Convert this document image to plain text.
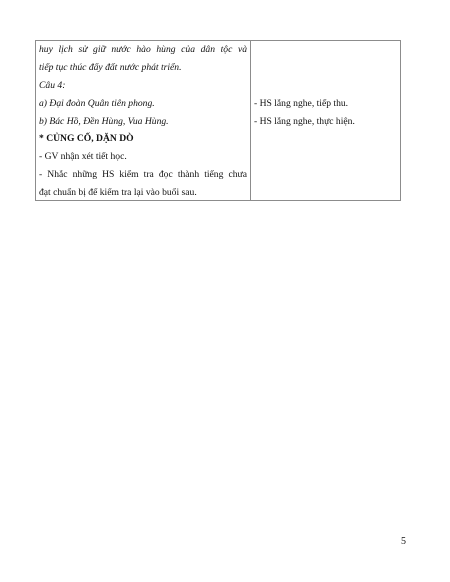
huy lịch sử giữ nước hào hùng của dân tộc và
tiếp tục thúc đẩy đất nước phát triển.
Câu 4:
a) Đại đoàn Quân tiên phong.
b) Bác Hồ, Đền Hùng, Vua Hùng.
* CỦNG CỐ, DẶN DÒ
- GV nhận xét tiết học.
- Nhắc những HS kiểm tra đọc thành tiếng chưa
đạt chuẩn bị để kiểm tra lại vào buổi sau.
- HS lắng nghe, tiếp thu.
- HS lắng nghe, thực hiện.
5
